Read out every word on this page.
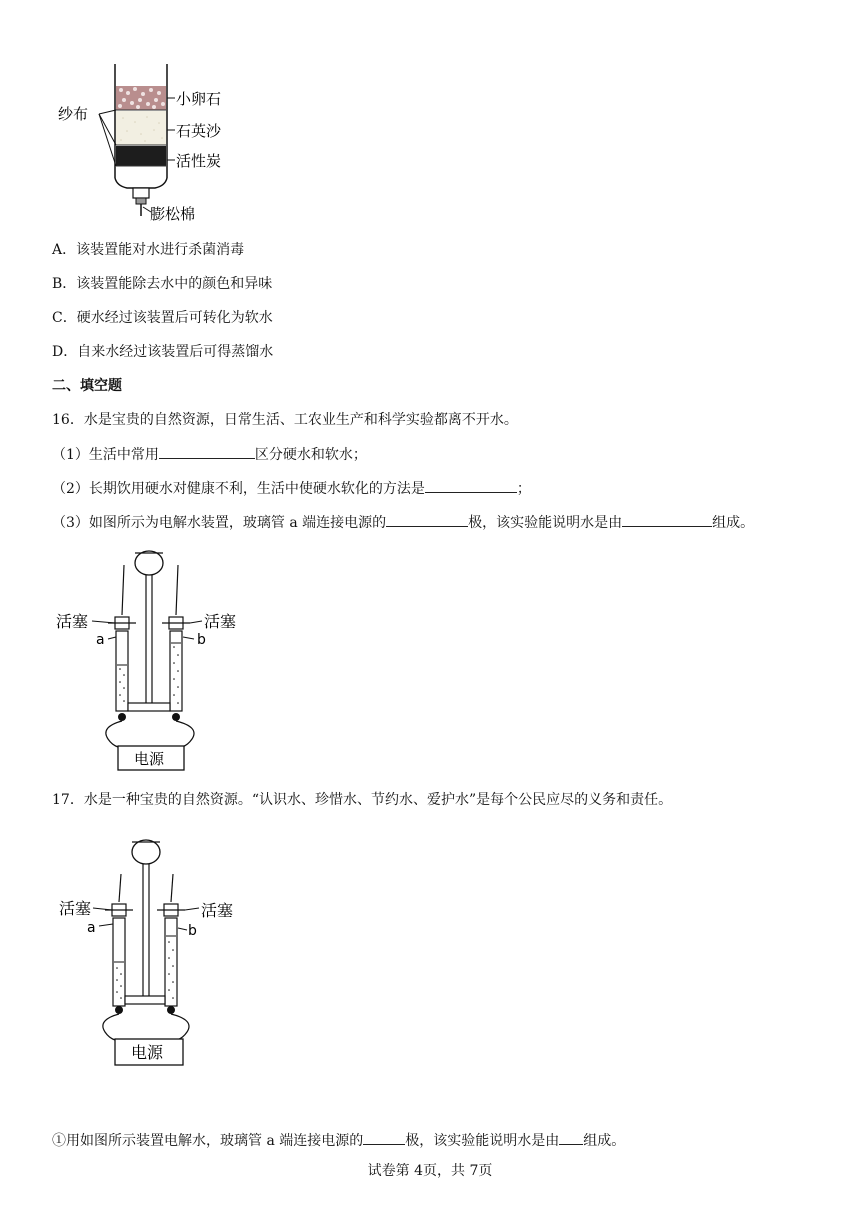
纱布
小卵石
石英沙
活性炭
膨松棉
A．该装置能对水进行杀菌消毒
B．该装置能除去水中的颜色和异味
C．硬水经过该装置后可转化为软水
D．自来水经过该装置后可得蒸馏水
二、填空题
16．水是宝贵的自然资源，日常生活、工农业生产和科学实验都离不开水。
（1）生活中常用	区分硬水和软水；
（2）长期饮用硬水对健康不利，生活中使硬水软化的方法是	；
（3）如图所示为电解水装置，玻璃管 a 端连接电源的	极，该实验能说明水是由	组成。
活塞	活塞
a	b
电源
17．水是一种宝贵的自然资源。“认识水、珍惜水、节约水、爱护水”是每个公民应尽的义务和责任。
活塞	活塞
a	b
电源
①用如图所示装置电解水，玻璃管 a 端连接电源的	极，该实验能说明水是由 组成。
试卷第 4页，共 7页
